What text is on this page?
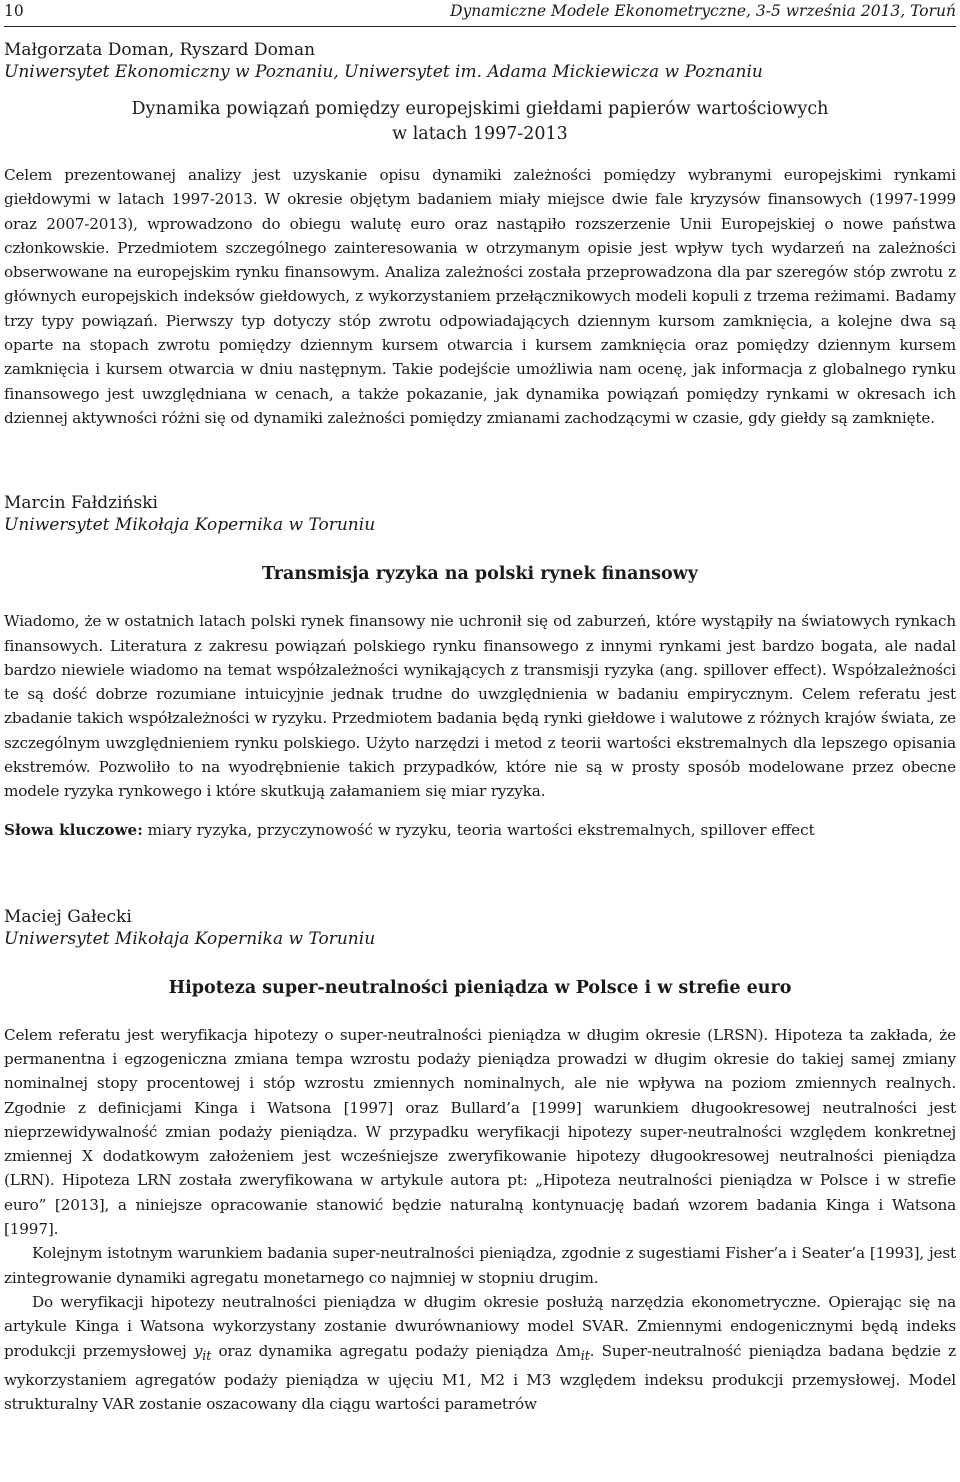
10	Dynamiczne Modele Ekonometryczne, 3-5 września 2013, Toruń
Małgorzata Doman, Ryszard Doman
Uniwersytet Ekonomiczny w Poznaniu, Uniwersytet im. Adama Mickiewicza w Poznaniu
Dynamika powiązań pomiędzy europejskimi giełdami papierów wartościowych
w latach 1997-2013

Celem prezentowanej analizy jest uzyskanie opisu dynamiki zależności pomiędzy wybranymi europejskimi rynkami giełdowymi w latach 1997-2013. W okresie objętym badaniem miały miejsce dwie fale kryzysów finansowych (1997-1999 oraz 2007-2013), wprowadzono do obiegu walutę euro oraz nastąpiło rozszerzenie Unii Europejskiej o nowe państwa członkowskie. Przedmiotem szczególnego zainteresowania w otrzymanym opisie jest wpływ tych wydarzeń na zależności obserwowane na europejskim rynku finansowym. Analiza zależności została przeprowadzona dla par szeregów stóp zwrotu z głównych europejskich indeksów giełdowych, z wykorzystaniem przełącznikowych modeli kopuli z trzema reżimami. Badamy trzy typy powiązań. Pierwszy typ dotyczy stóp zwrotu odpowiadających dziennym kursom zamknięcia, a kolejne dwa są oparte na stopach zwrotu pomiędzy dziennym kursem otwarcia i kursem zamknięcia oraz pomiędzy dziennym kursem zamknięcia i kursem otwarcia w dniu następnym. Takie podejście umożliwia nam ocenę, jak informacja z globalnego rynku finansowego jest uwzględniana w cenach, a także pokazanie, jak dynamika powiązań pomiędzy rynkami w okresach ich dziennej aktywności różni się od dynamiki zależności pomiędzy zmianami zachodzącymi w czasie, gdy giełdy są zamknięte.

Marcin Fałdziński
Uniwersytet Mikołaja Kopernika w Toruniu
Transmisja ryzyka na polski rynek finansowy

Wiadomo, że w ostatnich latach polski rynek finansowy nie uchronił się od zaburzeń, które wystąpiły na światowych rynkach finansowych. Literatura z zakresu powiązań polskiego rynku finansowego z innymi rynkami jest bardzo bogata, ale nadal bardzo niewiele wiadomo na temat współzależności wynikających z transmisji ryzyka (ang. spillover effect). Współzależności te są dość dobrze rozumiane intuicyjnie jednak trudne do uwzględnienia w badaniu empirycznym. Celem referatu jest zbadanie takich współzależności w ryzyku. Przedmiotem badania będą rynki giełdowe i walutowe z różnych krajów świata, ze szczególnym uwzględnieniem rynku polskiego. Użyto narzędzi i metod z teorii wartości ekstremalnych dla lepszego opisania ekstremów. Pozwoliło to na wyodrębnienie takich przypadków, które nie są w prosty sposób modelowane przez obecne modele ryzyka rynkowego i które skutkują załamaniem się miar ryzyka.

Słowa kluczowe: miary ryzyka, przyczynowość w ryzyku, teoria wartości ekstremalnych, spillover effect

Maciej Gałecki
Uniwersytet Mikołaja Kopernika w Toruniu
Hipoteza super-neutralności pieniądza w Polsce i w strefie euro

Celem referatu jest weryfikacja hipotezy o super-neutralności pieniądza w długim okresie (LRSN). Hipoteza ta zakłada, że permanentna i egzogeniczna zmiana tempa wzrostu podaży pieniądza prowadzi w długim okresie do takiej samej zmiany nominalnej stopy procentowej i stóp wzrostu zmiennych nominalnych, ale nie wpływa na poziom zmiennych realnych. Zgodnie z definicjami Kinga i Watsona [1997] oraz Bullard’a [1999] warunkiem długookresowej neutralności jest nieprzewidywalność zmian podaży pieniądza. W przypadku weryfikacji hipotezy super-neutralności względem konkretnej zmiennej X dodatkowym założeniem jest wcześniejsze zweryfikowanie hipotezy długookresowej neutralności pieniądza (LRN). Hipoteza LRN została zweryfikowana w artykule autora pt: „Hipoteza neutralności pieniądza w Polsce i w strefie euro” [2013], a niniejsze opracowanie stanowić będzie naturalną kontynuację badań wzorem badania Kinga i Watsona [1997].

Kolejnym istotnym warunkiem badania super-neutralności pieniądza, zgodnie z sugestiami Fisher’a i Seater’a [1993], jest zintegrowanie dynamiki agregatu monetarnego co najmniej w stopniu drugim.

Do weryfikacji hipotezy neutralności pieniądza w długim okresie posłużą narzędzia ekonometryczne. Opierając się na artykule Kinga i Watsona wykorzystany zostanie dwurównaniowy model SVAR. Zmiennymi endogenicznymi będą indeks produkcji przemysłowej $y_{it}$ oraz dynamika agregatu podaży pieniądza $\Delta m_{it}$. Super-neutralność pieniądza badana będzie z wykorzystaniem agregatów podaży pieniądza w ujęciu M1, M2 i M3 względem indeksu produkcji przemysłowej. Model strukturalny VAR zostanie oszacowany dla ciągu wartości parametrów
